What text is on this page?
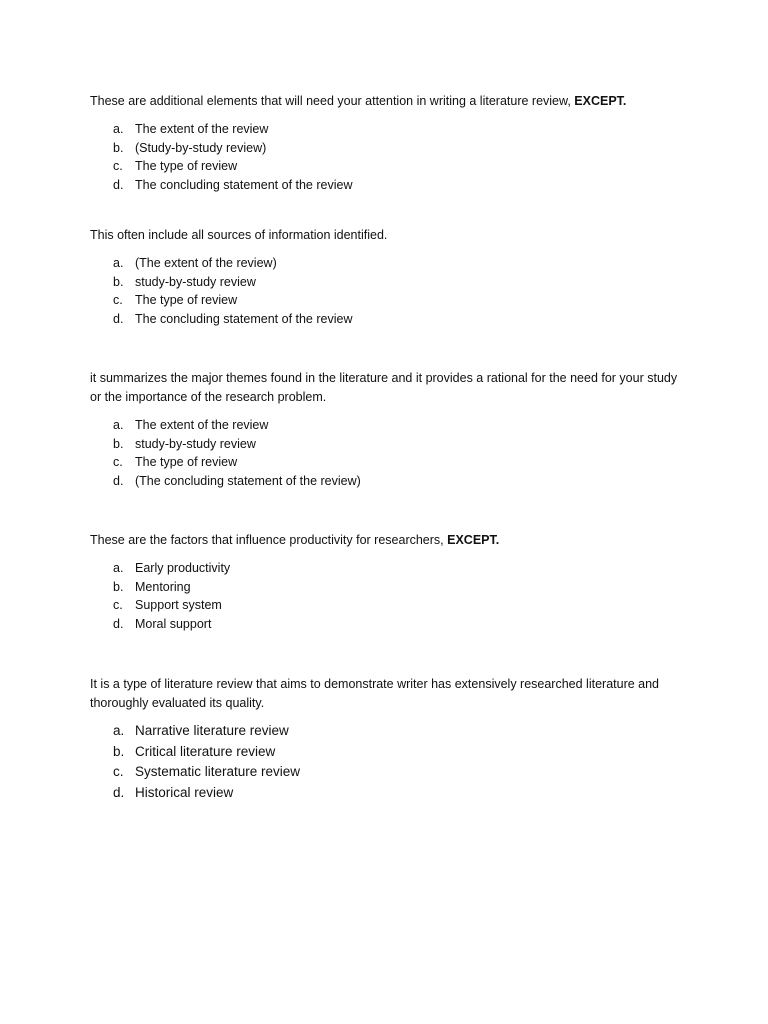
These are additional elements that will need your attention in writing a literature review, EXCEPT.

a. The extent of the review
b. (Study-by-study review)
c. The type of review
d. The concluding statement of the review

This often include all sources of information identified.

a. (The extent of the review)
b. study-by-study review
c. The type of review
d. The concluding statement of the review

it summarizes the major themes found in the literature and it provides a rational for the need for your study or the importance of the research problem.

a. The extent of the review
b. study-by-study review
c. The type of review
d. (The concluding statement of the review)

These are the factors that influence productivity for researchers, EXCEPT.

a. Early productivity
b. Mentoring
c. Support system
d. Moral support

It is a type of literature review that aims to demonstrate writer has extensively researched literature and thoroughly evaluated its quality.

a. Narrative literature review
b. Critical literature review
c. Systematic literature review
d. Historical review
